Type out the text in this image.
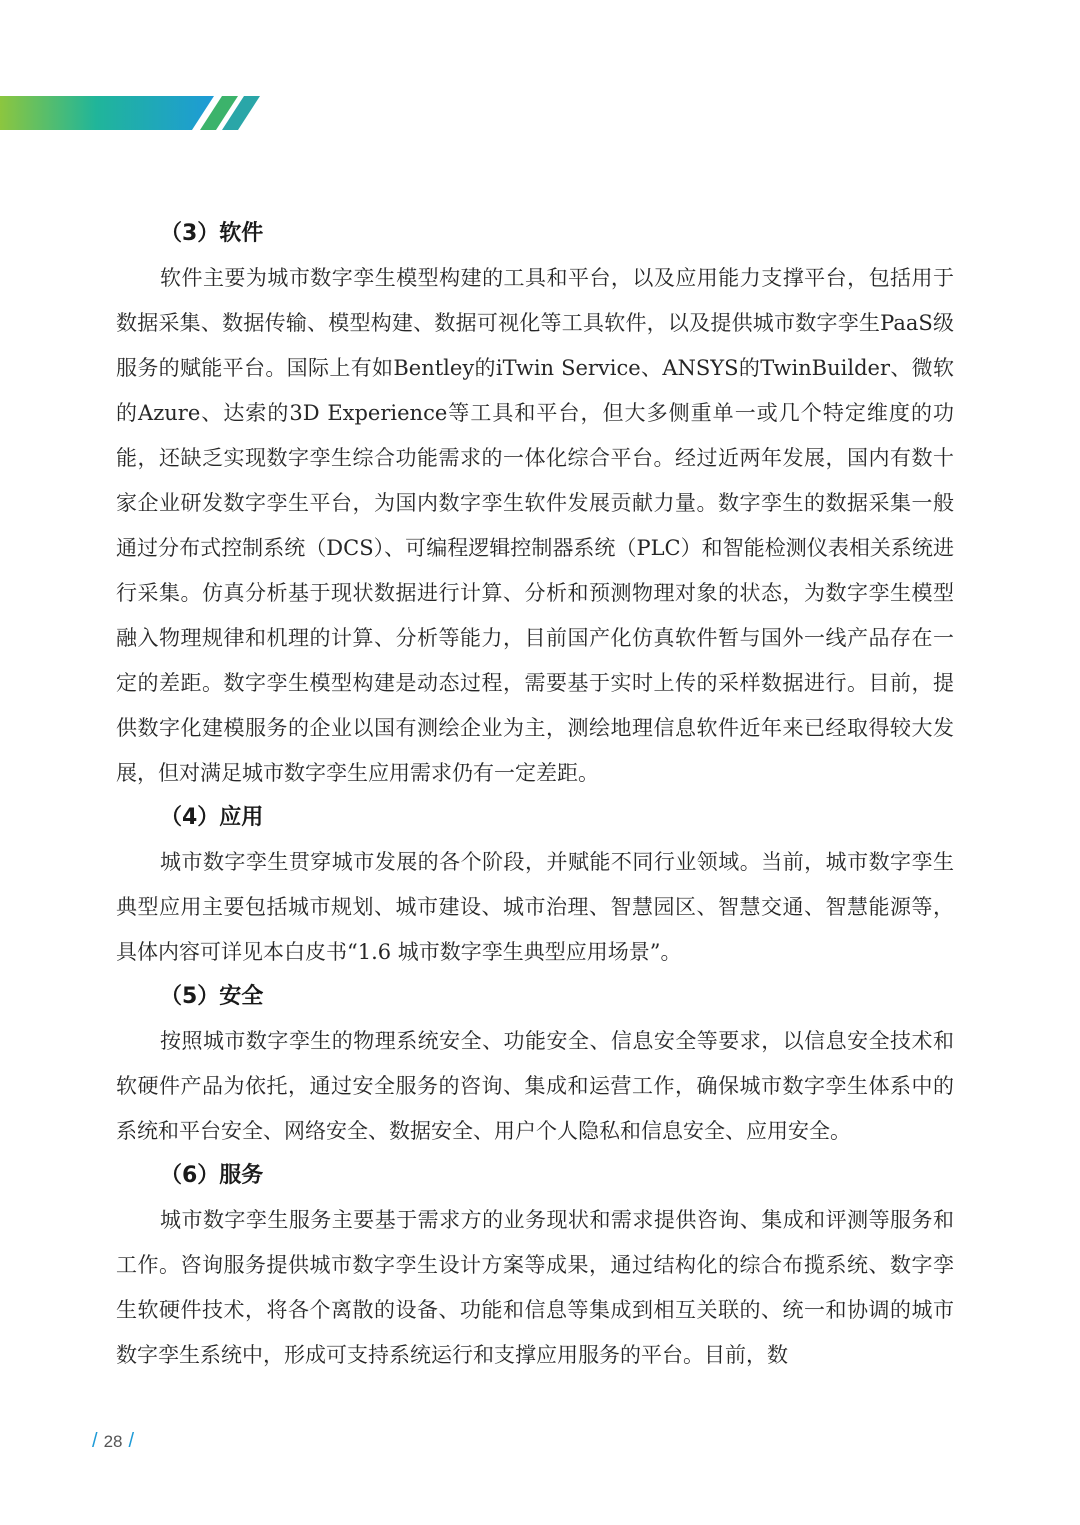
（3）软件

软件主要为城市数字孪生模型构建的工具和平台，以及应用能力支撑平台，包括用于数据采集、数据传输、模型构建、数据可视化等工具软件，以及提供城市数字孪生PaaS级服务的赋能平台。国际上有如Bentley的iTwin Service、ANSYS的TwinBuilder、微软的Azure、达索的3D Experience等工具和平台，但大多侧重单一或几个特定维度的功能，还缺乏实现数字孪生综合功能需求的一体化综合平台。经过近两年发展，国内有数十家企业研发数字孪生平台，为国内数字孪生软件发展贡献力量。数字孪生的数据采集一般通过分布式控制系统（DCS）、可编程逻辑控制器系统（PLC）和智能检测仪表相关系统进行采集。仿真分析基于现状数据进行计算、分析和预测物理对象的状态，为数字孪生模型融入物理规律和机理的计算、分析等能力，目前国产化仿真软件暂与国外一线产品存在一定的差距。数字孪生模型构建是动态过程，需要基于实时上传的采样数据进行。目前，提供数字化建模服务的企业以国有测绘企业为主，测绘地理信息软件近年来已经取得较大发展，但对满足城市数字孪生应用需求仍有一定差距。

（4）应用

城市数字孪生贯穿城市发展的各个阶段，并赋能不同行业领域。当前，城市数字孪生典型应用主要包括城市规划、城市建设、城市治理、智慧园区、智慧交通、智慧能源等，具体内容可详见本白皮书“1.6 城市数字孪生典型应用场景”。

（5）安全

按照城市数字孪生的物理系统安全、功能安全、信息安全等要求，以信息安全技术和软硬件产品为依托，通过安全服务的咨询、集成和运营工作，确保城市数字孪生体系中的系统和平台安全、网络安全、数据安全、用户个人隐私和信息安全、应用安全。

（6）服务

城市数字孪生服务主要基于需求方的业务现状和需求提供咨询、集成和评测等服务和工作。咨询服务提供城市数字孪生设计方案等成果，通过结构化的综合布揽系统、数字孪生软硬件技术，将各个离散的设备、功能和信息等集成到相互关联的、统一和协调的城市数字孪生系统中，形成可支持系统运行和支撑应用服务的平台。目前，数

/ 28 /
